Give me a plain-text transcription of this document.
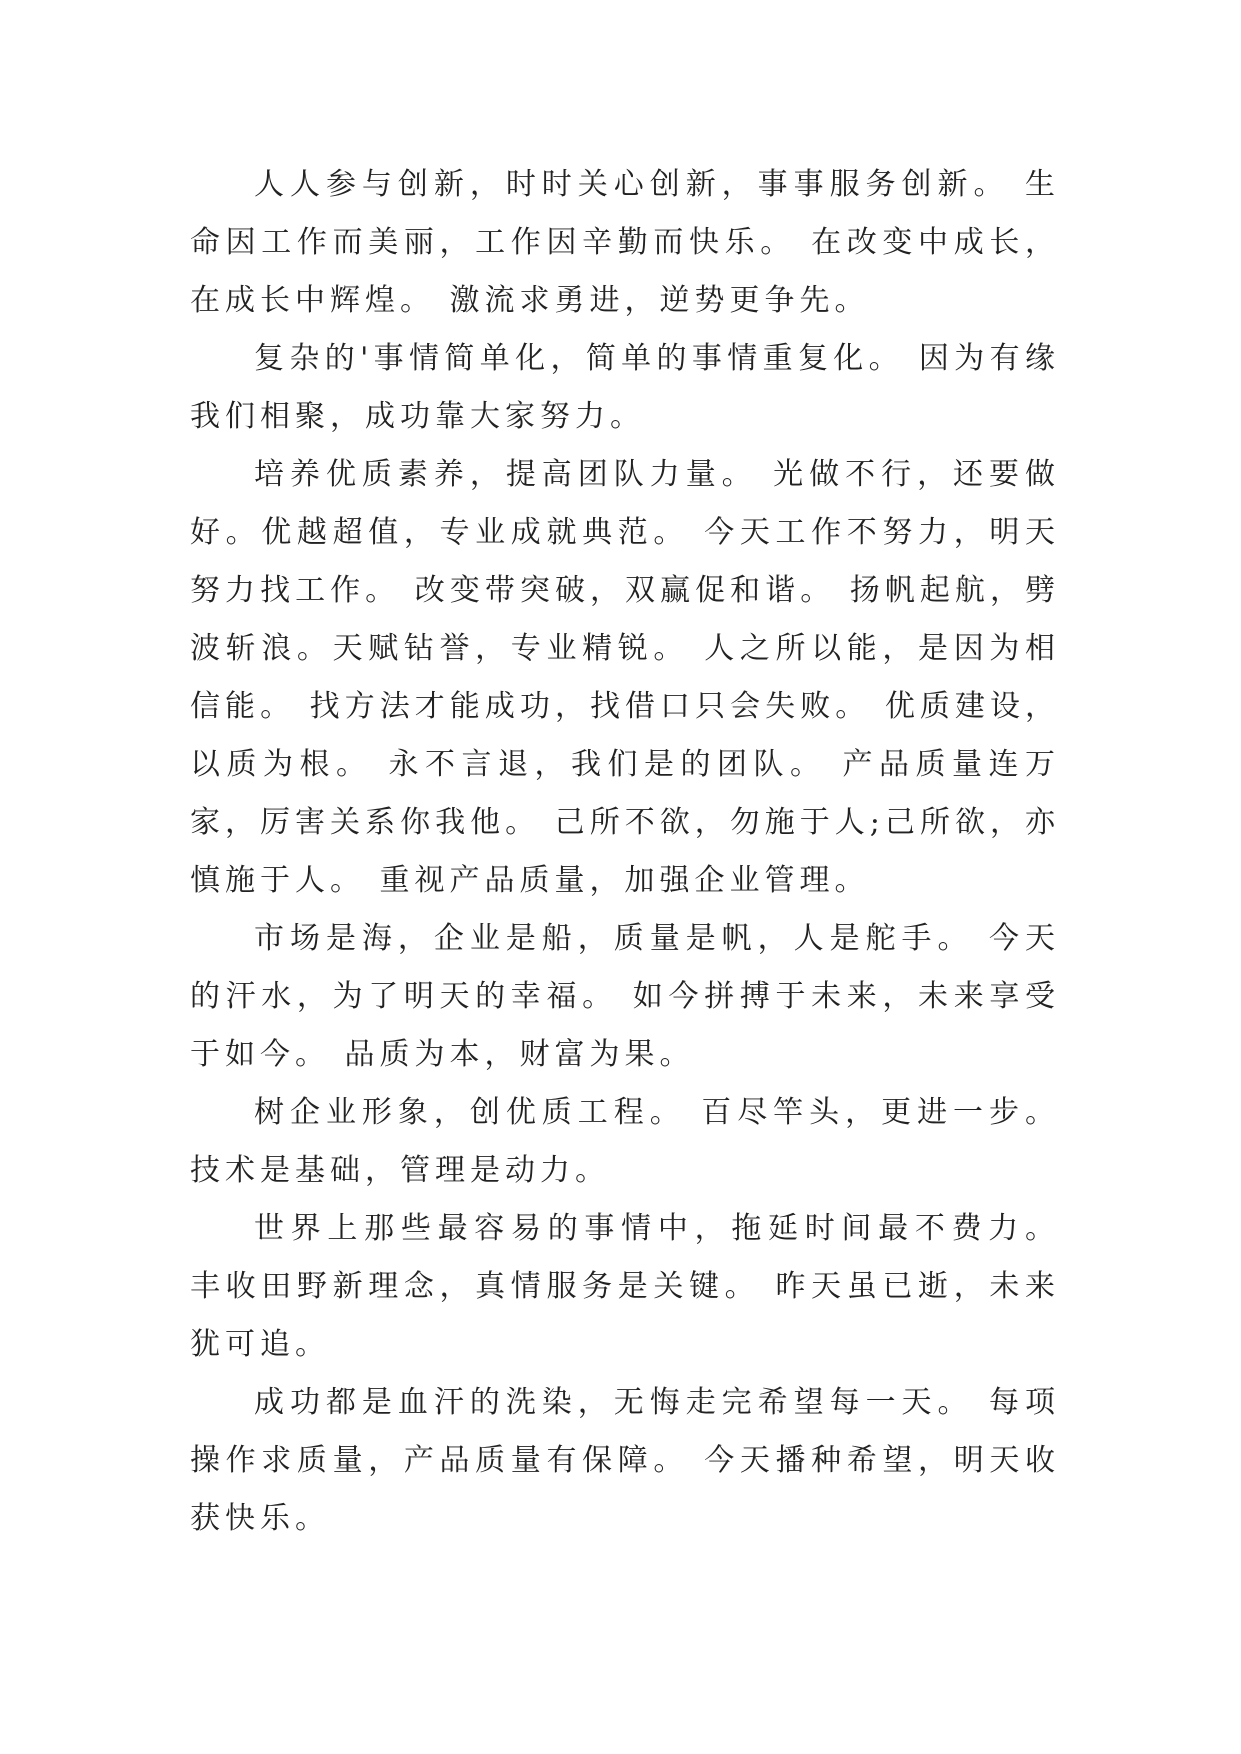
人人参与创新，时时关心创新，事事服务创新。 生命因工作而美丽，工作因辛勤而快乐。 在改变中成长，在成长中辉煌。 激流求勇进，逆势更争先。

复杂的'事情简单化，简单的事情重复化。 因为有缘我们相聚，成功靠大家努力。

培养优质素养，提高团队力量。 光做不行，还要做好。优越超值，专业成就典范。 今天工作不努力，明天努力找工作。 改变带突破，双赢促和谐。 扬帆起航，劈波斩浪。天赋钻誉，专业精锐。 人之所以能，是因为相信能。 找方法才能成功，找借口只会失败。 优质建设，以质为根。 永不言退，我们是的团队。 产品质量连万家，厉害关系你我他。 己所不欲，勿施于人;己所欲，亦慎施于人。 重视产品质量，加强企业管理。

市场是海，企业是船，质量是帆，人是舵手。 今天的汗水，为了明天的幸福。 如今拼搏于未来，未来享受于如今。 品质为本，财富为果。

树企业形象，创优质工程。 百尽竿头，更进一步。 技术是基础，管理是动力。

世界上那些最容易的事情中，拖延时间最不费力。 丰收田野新理念，真情服务是关键。 昨天虽已逝，未来犹可追。

成功都是血汗的洗染，无悔走完希望每一天。 每项操作求质量，产品质量有保障。 今天播种希望，明天收获快乐。
